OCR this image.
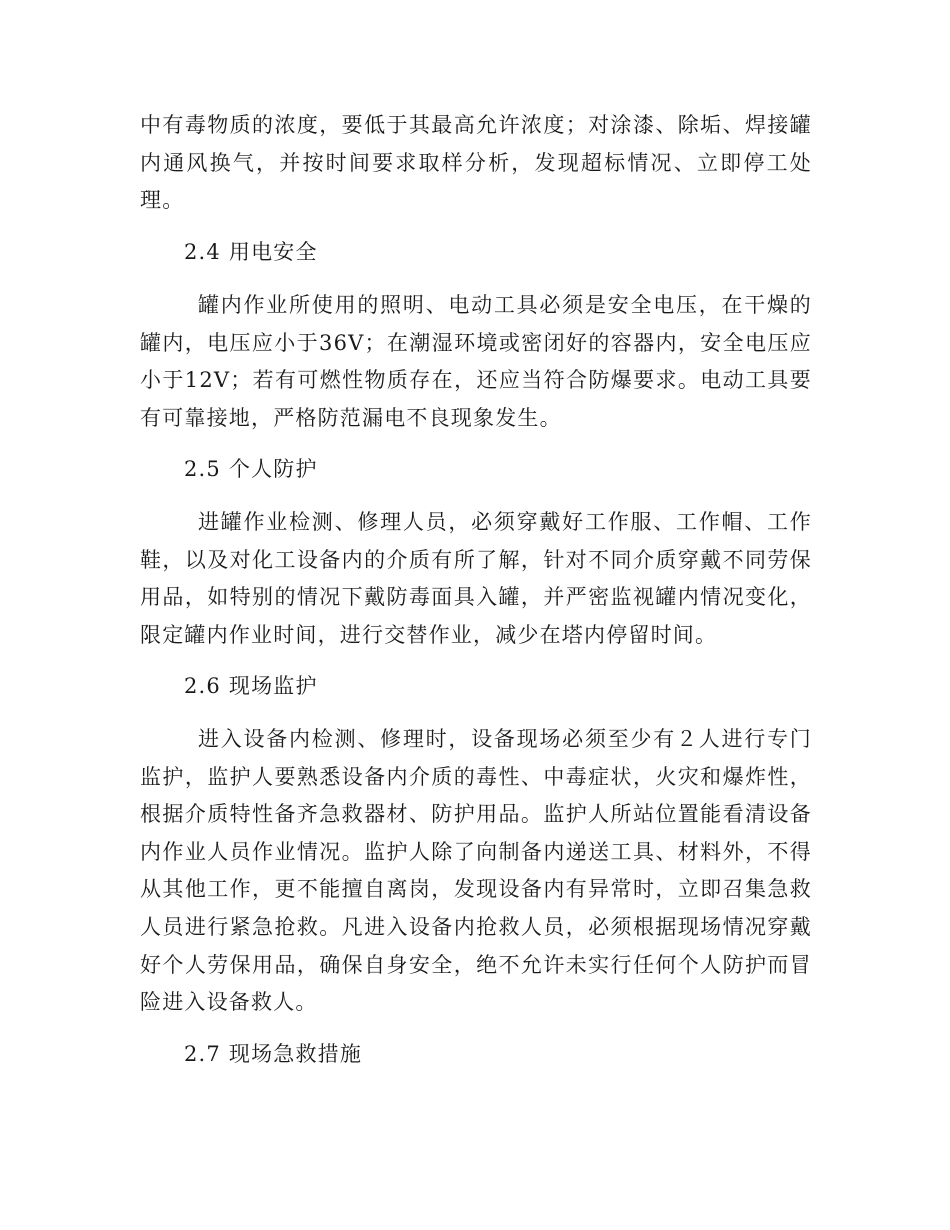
中有毒物质的浓度，要低于其最高允许浓度；对涂漆、除垢、焊接罐内通风换气，并按时间要求取样分析，发现超标情况、立即停工处理。

2.4 用电安全

罐内作业所使用的照明、电动工具必须是安全电压，在干燥的罐内，电压应小于36V；在潮湿环境或密闭好的容器内，安全电压应小于12V；若有可燃性物质存在，还应当符合防爆要求。电动工具要有可靠接地，严格防范漏电不良现象发生。

2.5 个人防护

进罐作业检测、修理人员，必须穿戴好工作服、工作帽、工作鞋，以及对化工设备内的介质有所了解，针对不同介质穿戴不同劳保用品，如特别的情况下戴防毒面具入罐，并严密监视罐内情况变化，限定罐内作业时间，进行交替作业，减少在塔内停留时间。

2.6 现场监护

进入设备内检测、修理时，设备现场必须至少有２人进行专门监护，监护人要熟悉设备内介质的毒性、中毒症状，火灾和爆炸性，根据介质特性备齐急救器材、防护用品。监护人所站位置能看清设备内作业人员作业情况。监护人除了向制备内递送工具、材料外，不得从其他工作，更不能擅自离岗，发现设备内有异常时，立即召集急救人员进行紧急抢救。凡进入设备内抢救人员，必须根据现场情况穿戴好个人劳保用品，确保自身安全，绝不允许未实行任何个人防护而冒险进入设备救人。

2.7 现场急救措施
